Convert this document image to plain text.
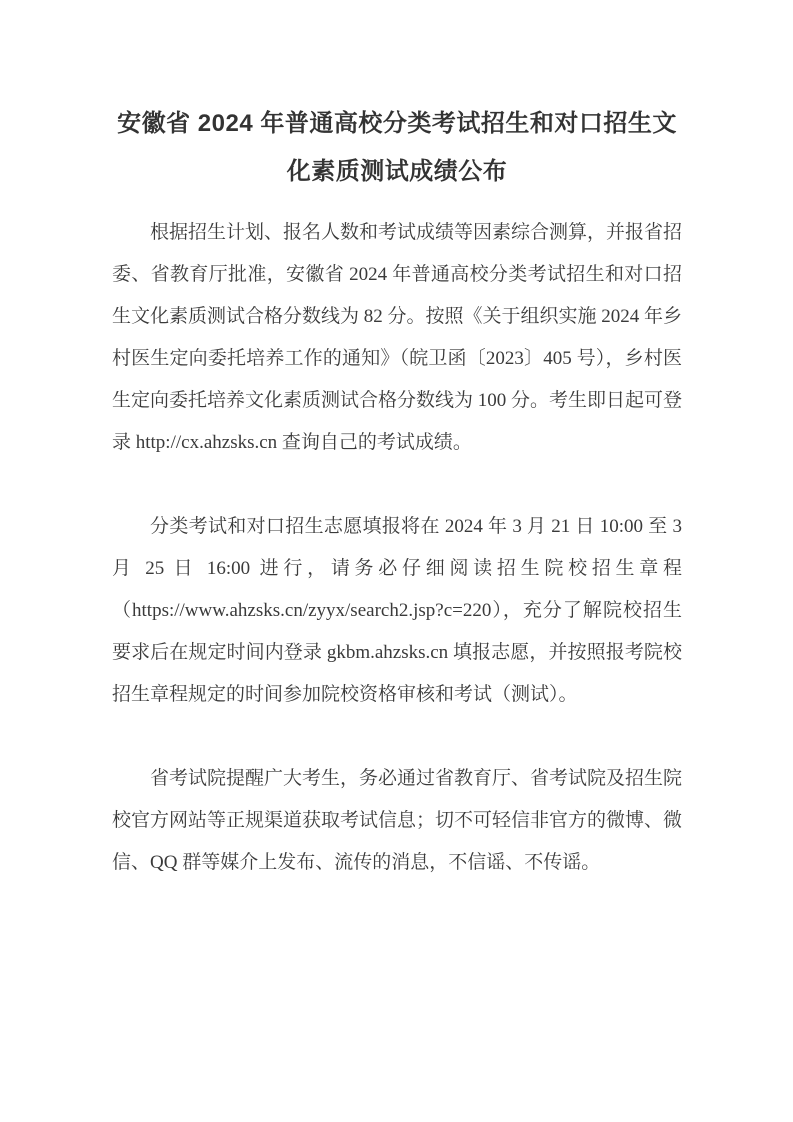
安徽省 2024 年普通高校分类考试招生和对口招生文化素质测试成绩公布

根据招生计划、报名人数和考试成绩等因素综合测算，并报省招委、省教育厅批准，安徽省 2024 年普通高校分类考试招生和对口招生文化素质测试合格分数线为 82 分。按照《关于组织实施 2024 年乡村医生定向委托培养工作的通知》（皖卫函〔2023〕405 号），乡村医生定向委托培养文化素质测试合格分数线为 100 分。考生即日起可登录 http://cx.ahzsks.cn 查询自己的考试成绩。

分类考试和对口招生志愿填报将在 2024 年 3 月 21 日 10:00 至 3 月 25 日 16:00 进行，请务必仔细阅读招生院校招生章程（https://www.ahzsks.cn/zyyx/search2.jsp?c=220），充分了解院校招生要求后在规定时间内登录 gkbm.ahzsks.cn 填报志愿，并按照报考院校招生章程规定的时间参加院校资格审核和考试（测试）。

省考试院提醒广大考生，务必通过省教育厅、省考试院及招生院校官方网站等正规渠道获取考试信息；切不可轻信非官方的微博、微信、QQ 群等媒介上发布、流传的消息，不信谣、不传谣。
